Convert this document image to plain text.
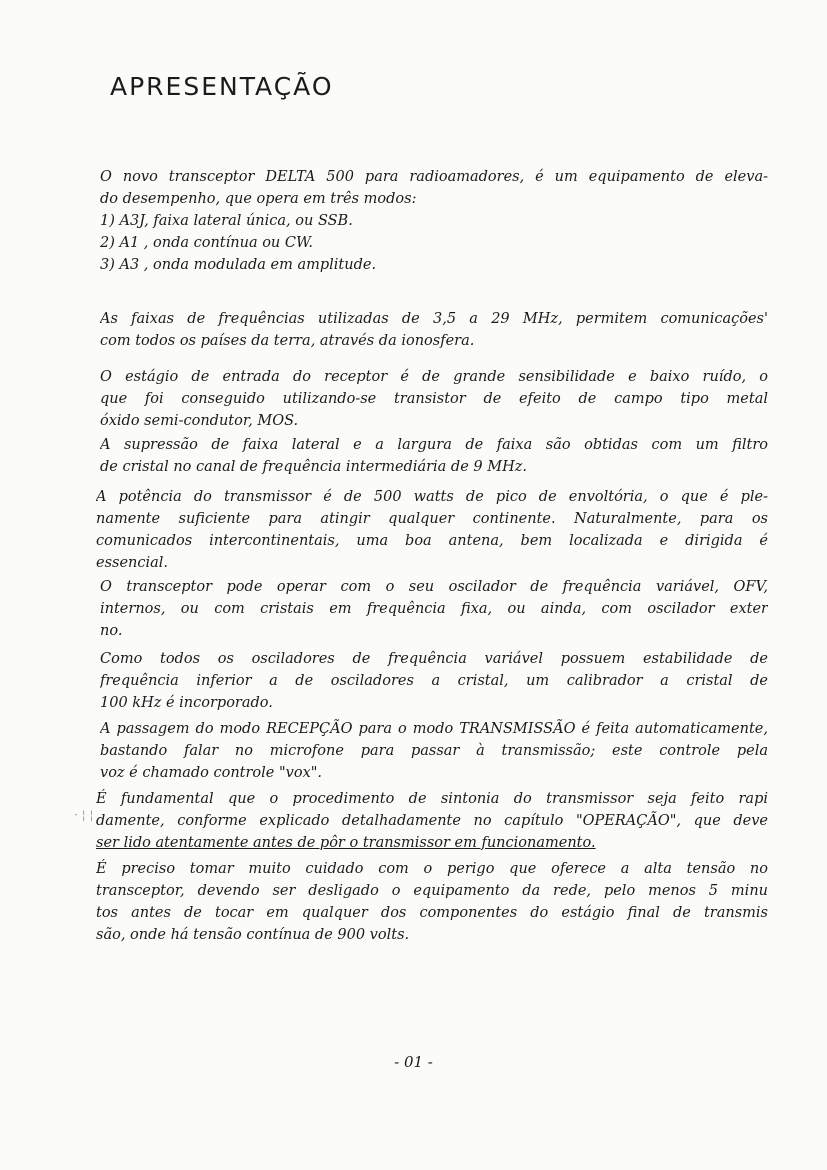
APRESENTAÇÃO
O novo transceptor DELTA 500 para radioamadores, é um equipamento de eleva-
do desempenho, que opera em três modos:
1) A3J, faixa lateral única, ou SSB.
2) A1 , onda contínua ou CW.
3) A3 , onda modulada em amplitude.
As faixas de frequências utilizadas de 3,5 a 29 MHz, permitem comunicações'
com todos os países da terra, através da ionosfera.
O estágio de entrada do receptor é de grande sensibilidade e baixo ruído, o
que foi conseguido utilizando-se transistor de efeito de campo tipo metal
óxido semi-condutor, MOS.
A supressão de faixa lateral e a largura de faixa são obtidas com um filtro
de cristal no canal de frequência intermediária de 9 MHz.
A potência do transmissor é de 500 watts de pico de envoltória, o que é ple-
namente suficiente para atingir qualquer continente. Naturalmente, para os
comunicados intercontinentais, uma boa antena, bem localizada e dirigida é
essencial.
O transceptor pode operar com o seu oscilador de frequência variável, OFV,
internos, ou com cristais em frequência fixa, ou ainda, com oscilador exter
no.
Como todos os osciladores de frequência variável possuem estabilidade de
frequência inferior a de osciladores a cristal, um calibrador a cristal de
100 kHz é incorporado.
A passagem do modo RECEPÇÃO para o modo TRANSMISSÃO é feita automaticamente,
bastando falar no microfone para passar à transmissão; este controle pela
voz é chamado controle "vox".
· ¦ ¦
É fundamental que o procedimento de sintonia do transmissor seja feito rapi
damente, conforme explicado detalhadamente no capítulo "OPERAÇÃO", que deve
ser lido atentamente antes de pôr o transmissor em funcionamento.
É preciso tomar muito cuidado com o perigo que oferece a alta tensão no
transceptor, devendo ser desligado o equipamento da rede, pelo menos 5 minu
tos antes de tocar em qualquer dos componentes do estágio final de transmis
são, onde há tensão contínua de 900 volts.
- 01 -
